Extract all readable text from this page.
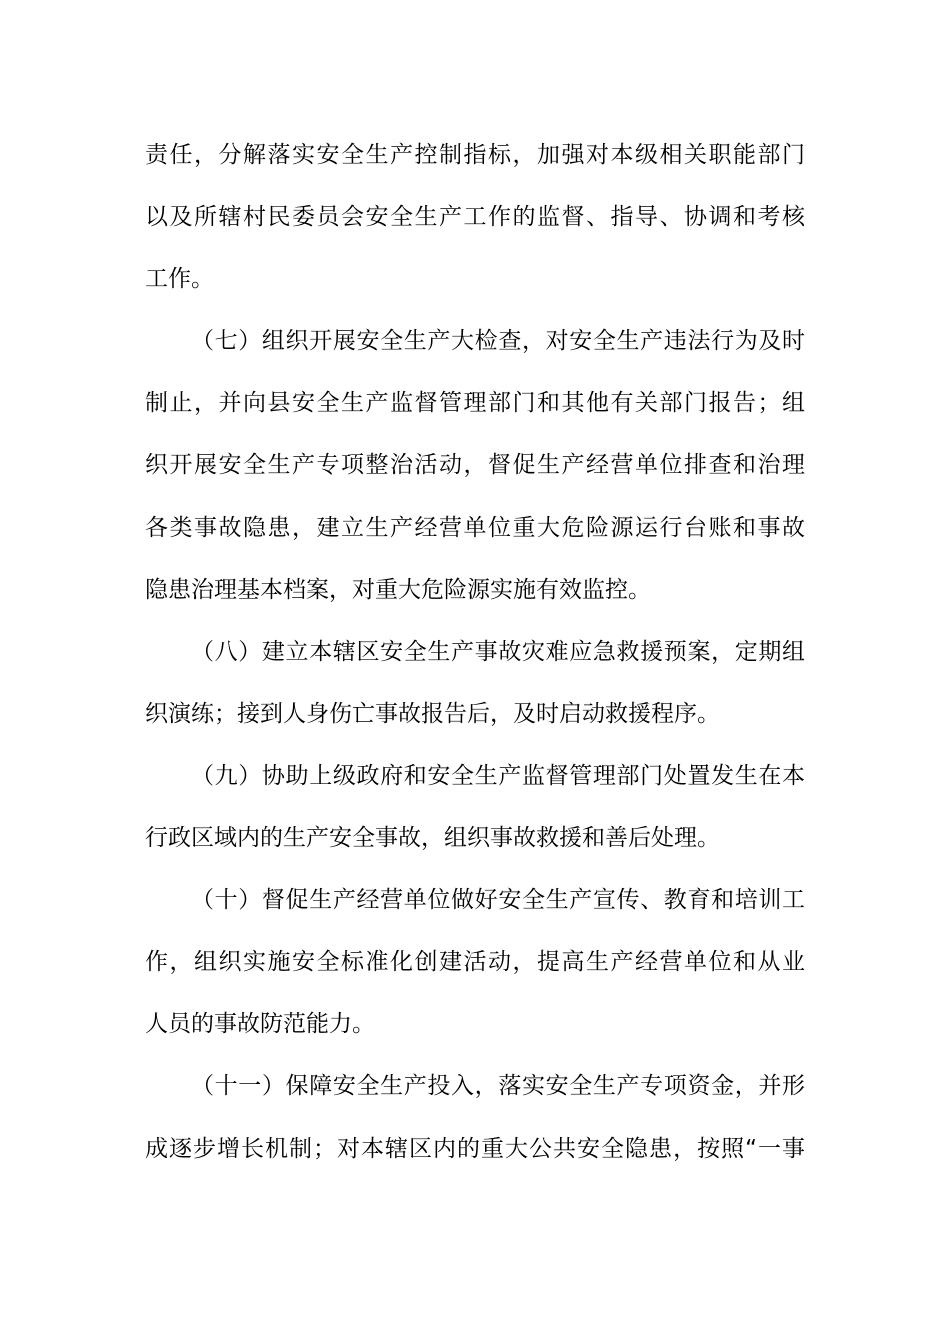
责任，分解落实安全生产控制指标，加强对本级相关职能部门
以及所辖村民委员会安全生产工作的监督、指导、协调和考核
工作。
（七）组织开展安全生产大检查，对安全生产违法行为及时
制止，并向县安全生产监督管理部门和其他有关部门报告；组
织开展安全生产专项整治活动，督促生产经营单位排查和治理
各类事故隐患，建立生产经营单位重大危险源运行台账和事故
隐患治理基本档案，对重大危险源实施有效监控。
（八）建立本辖区安全生产事故灾难应急救援预案，定期组
织演练；接到人身伤亡事故报告后，及时启动救援程序。
（九）协助上级政府和安全生产监督管理部门处置发生在本
行政区域内的生产安全事故，组织事故救援和善后处理。
（十）督促生产经营单位做好安全生产宣传、教育和培训工
作，组织实施安全标准化创建活动，提高生产经营单位和从业
人员的事故防范能力。
（十一）保障安全生产投入，落实安全生产专项资金，并形
成逐步增长机制；对本辖区内的重大公共安全隐患，按照“一事
